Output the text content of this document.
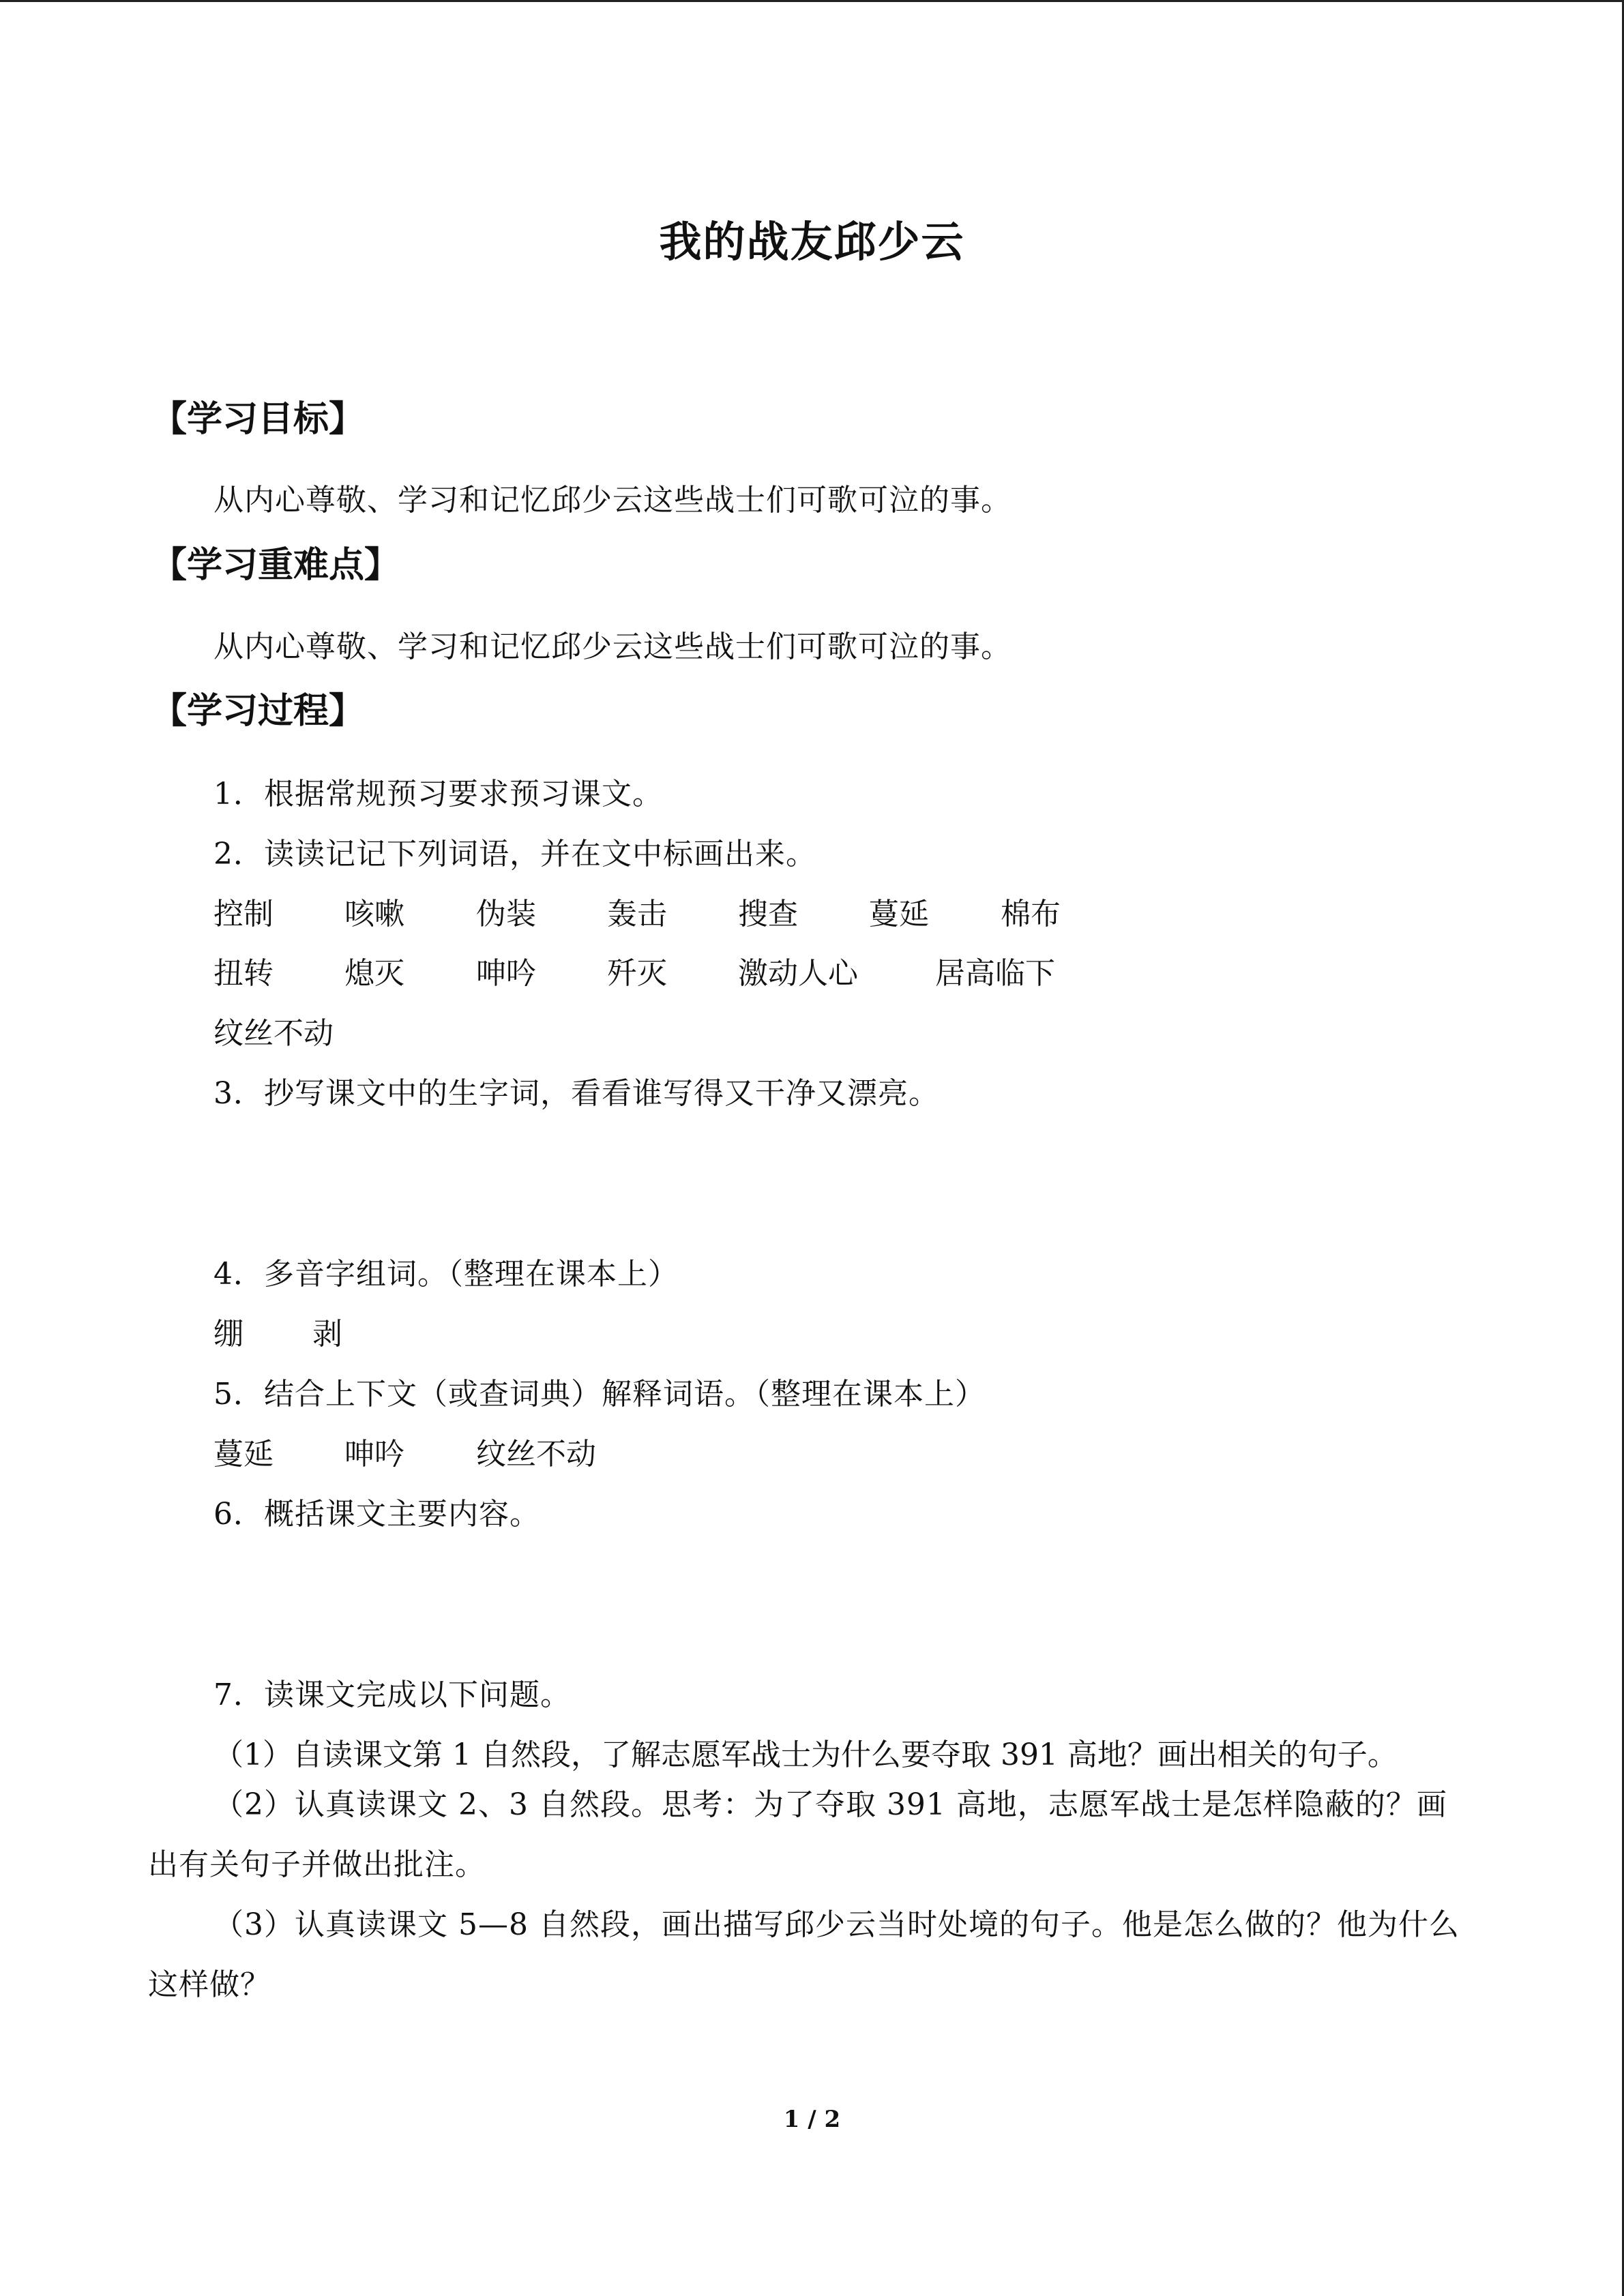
我的战友邱少云
【学习目标】
从内心尊敬、学习和记忆邱少云这些战士们可歌可泣的事。
【学习重难点】
从内心尊敬、学习和记忆邱少云这些战士们可歌可泣的事。
【学习过程】
1．根据常规预习要求预习课文。
2．读读记记下列词语，并在文中标画出来。
控制	咳嗽	伪装	轰击	搜查	蔓延	棉布
扭转	熄灭	呻吟	歼灭	激动人心	居高临下
纹丝不动
3．抄写课文中的生字词，看看谁写得又干净又漂亮。
4．多音字组词。（整理在课本上）
绷	剥
5．结合上下文（或查词典）解释词语。（整理在课本上）
蔓延	呻吟	纹丝不动
6．概括课文主要内容。
7．读课文完成以下问题。
（1）自读课文第 1 自然段，了解志愿军战士为什么要夺取 391 高地？画出相关的句子。
（2）认真读课文 2、3 自然段。思考：为了夺取 391 高地，志愿军战士是怎样隐蔽的？画出有关句子并做出批注。
（3）认真读课文 5—8 自然段，画出描写邱少云当时处境的句子。他是怎么做的？他为什么这样做？
1 / 2
